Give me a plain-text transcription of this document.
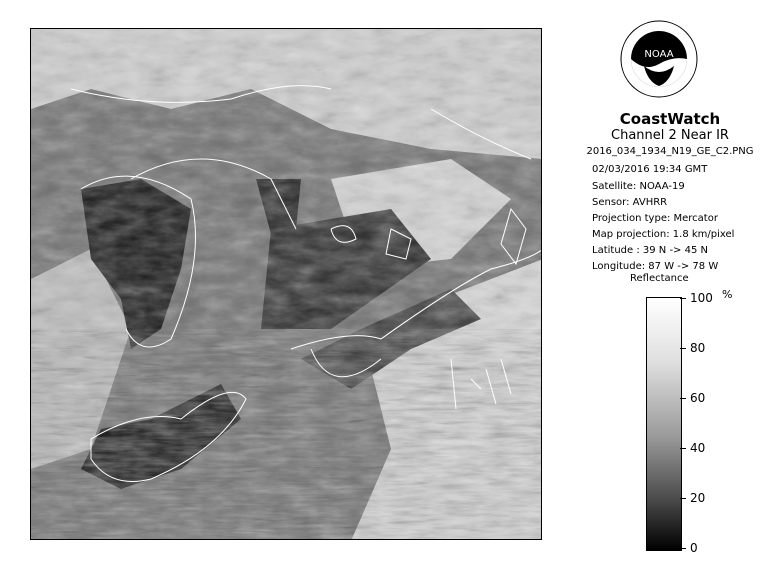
NOAA
CoastWatch
Channel 2 Near IR
2016_034_1934_N19_GE_C2.PNG
02/03/2016 19:34 GMT
Satellite: NOAA-19
Sensor: AVHRR
Projection type: Mercator
Map projection: 1.8 km/pixel
Latitude : 39 N -> 45 N
Longitude: 87 W -> 78 W
Reflectance
%
100
80
60
40
20
0
